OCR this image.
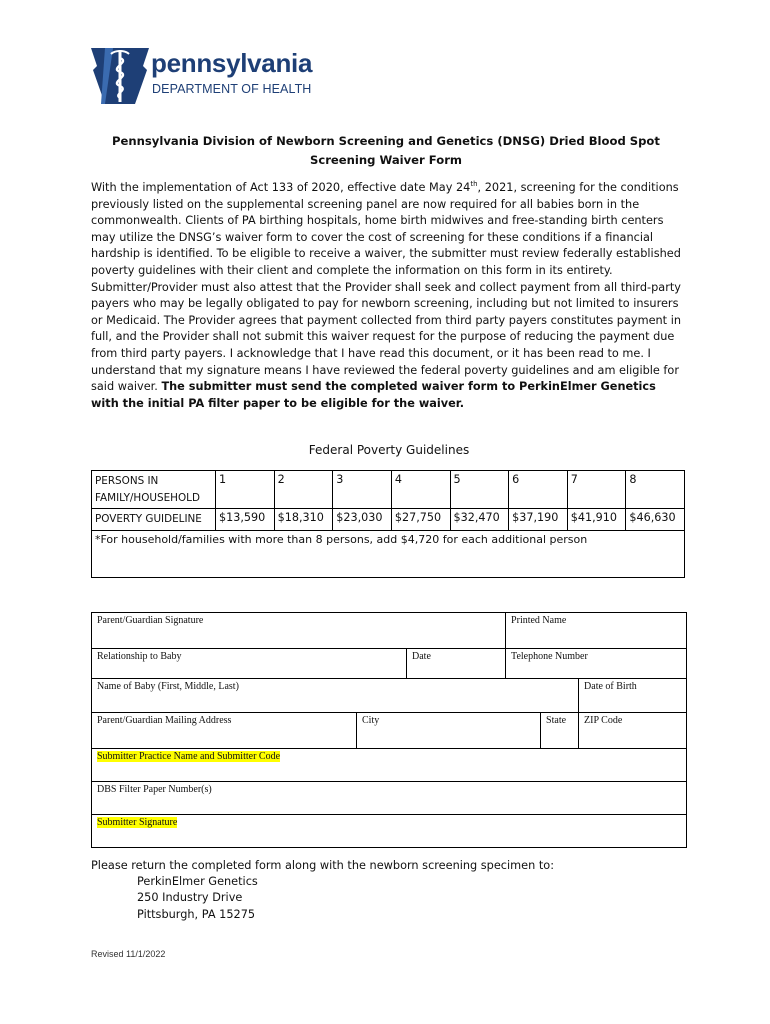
pennsylvania
DEPARTMENT OF HEALTH
Pennsylvania Division of Newborn Screening and Genetics (DNSG) Dried Blood Spot Screening Waiver Form
With the implementation of Act 133 of 2020, effective date May 24th, 2021, screening for the conditions previously listed on the supplemental screening panel are now required for all babies born in the commonwealth. Clients of PA birthing hospitals, home birth midwives and free-standing birth centers may utilize the DNSG’s waiver form to cover the cost of screening for these conditions if a financial hardship is identified. To be eligible to receive a waiver, the submitter must review federally established poverty guidelines with their client and complete the information on this form in its entirety. Submitter/Provider must also attest that the Provider shall seek and collect payment from all third-party payers who may be legally obligated to pay for newborn screening, including but not limited to insurers or Medicaid. The Provider agrees that payment collected from third party payers constitutes payment in full, and the Provider shall not submit this waiver request for the purpose of reducing the payment due from third party payers. I acknowledge that I have read this document, or it has been read to me. I understand that my signature means I have reviewed the federal poverty guidelines and am eligible for said waiver. The submitter must send the completed waiver form to PerkinElmer Genetics with the initial PA filter paper to be eligible for the waiver.
Federal Poverty Guidelines
PERSONS IN FAMILY/HOUSEHOLD	1	2	3	4	5	6	7	8
POVERTY GUIDELINE	$13,590	$18,310	$23,030	$27,750	$32,470	$37,190	$41,910	$46,630
*For household/families with more than 8 persons, add $4,720 for each additional person								
Parent/Guardian Signature			Printed Name		
Relationship to Baby		Date	Telephone Number		
Name of Baby (First, Middle, Last)					Date of Birth
Parent/Guardian Mailing Address	City			State	ZIP Code
Submitter Practice Name and Submitter Code					
DBS Filter Paper Number(s)					
Submitter Signature					
Please return the completed form along with the newborn screening specimen to:
PerkinElmer Genetics
250 Industry Drive
Pittsburgh, PA 15275
Revised 11/1/2022
